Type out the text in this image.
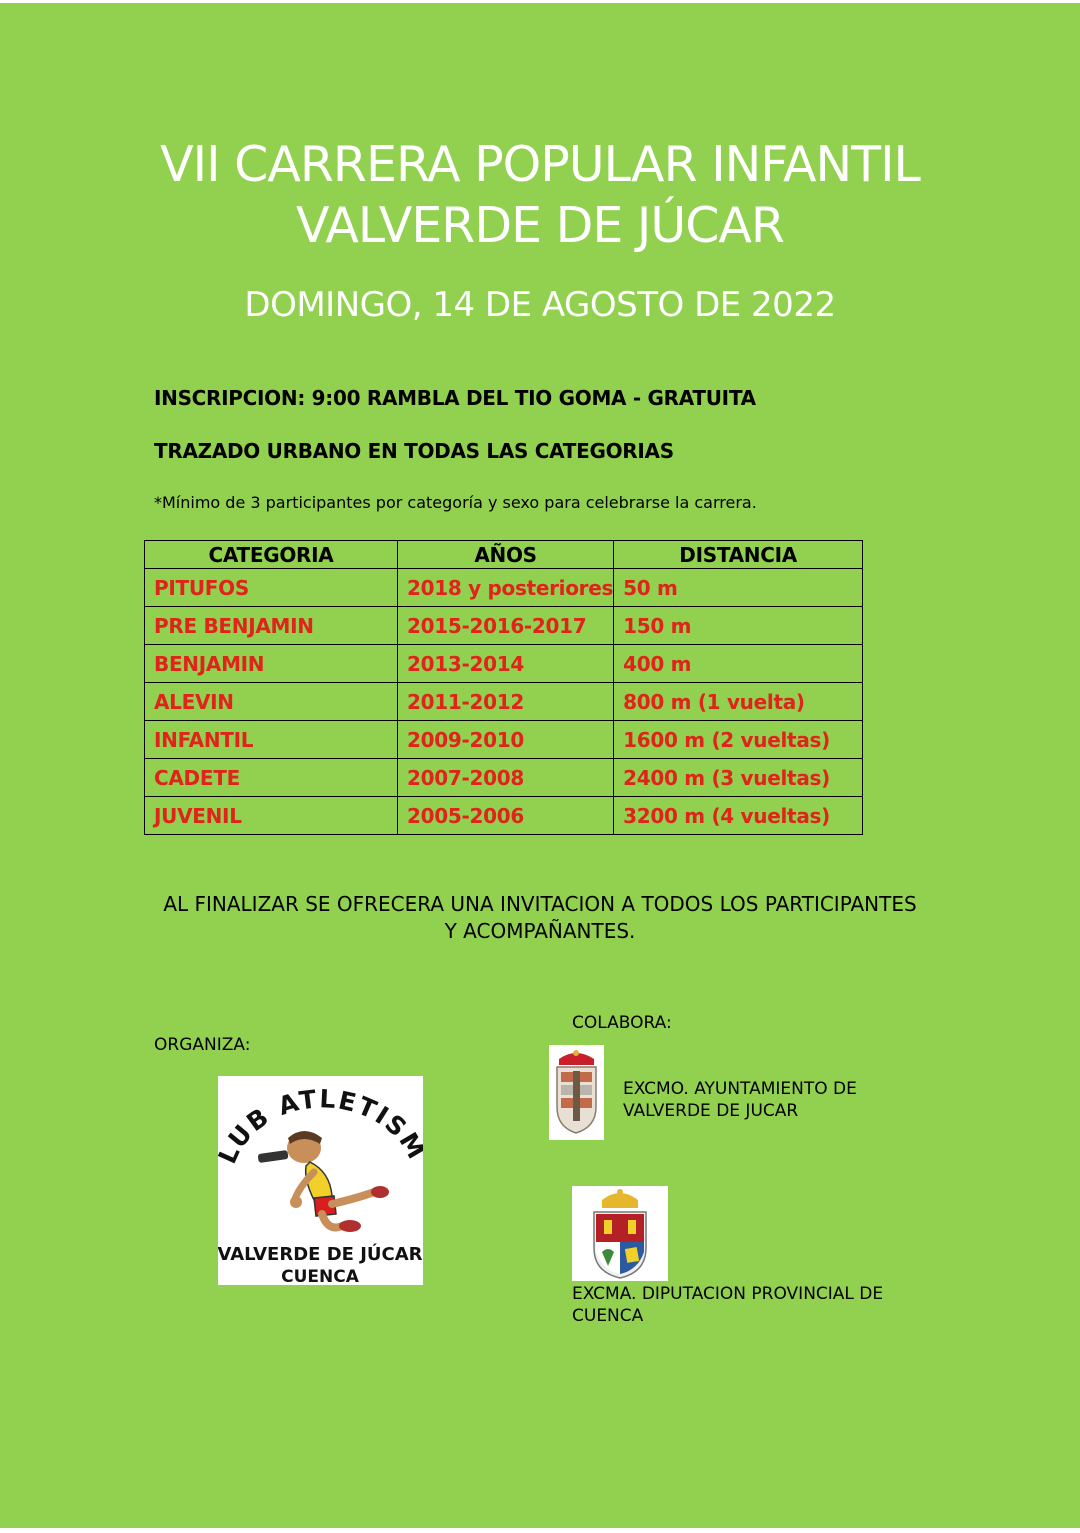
VII CARRERA POPULAR INFANTIL
VALVERDE DE JÚCAR
DOMINGO, 14 DE AGOSTO DE 2022
INSCRIPCION: 9:00 RAMBLA DEL TIO GOMA - GRATUITA
TRAZADO URBANO EN TODAS LAS CATEGORIAS
*Mínimo de 3 participantes por categoría y sexo para celebrarse la carrera.
CATEGORIA	AÑOS	DISTANCIA
PITUFOS	2018 y posteriores	50 m
PRE BENJAMIN	2015-2016-2017	150 m
BENJAMIN	2013-2014	400 m
ALEVIN	2011-2012	800 m (1 vuelta)
INFANTIL	2009-2010	1600 m (2 vueltas)
CADETE	2007-2008	2400 m (3 vueltas)
JUVENIL	2005-2006	3200 m (4 vueltas)
AL FINALIZAR SE OFRECERA UNA INVITACION A TODOS LOS PARTICIPANTES
Y ACOMPAÑANTES.
ORGANIZA:
UB ATLETIS
VALVERDE DE JÚCAR
CUENCA
COLABORA:
EXCMO. AYUNTAMIENTO DE
VALVERDE DE JUCAR
EXCMA. DIPUTACION PROVINCIAL DE
CUENCA
